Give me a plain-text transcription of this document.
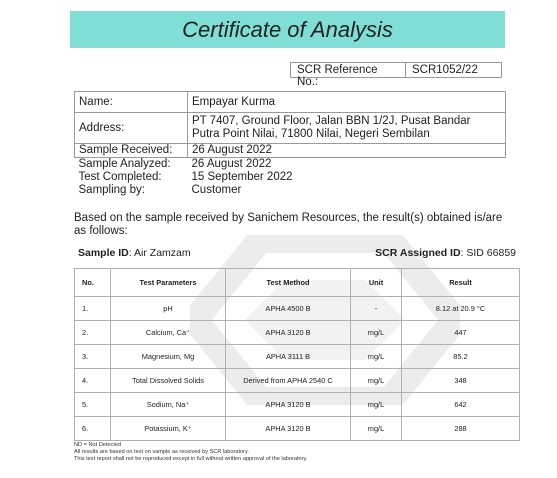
Certificate of Analysis
SCR Reference No.:
SCR1052/22
Name:	Empayar Kurma
Address:	PT 7407, Ground Floor, Jalan BBN 1/2J, Pusat Bandar Putra Point Nilai, 71800 Nilai, Negeri Sembilan
Sample Received:	26 August 2022
Sample Analyzed:	26 August 2022
Test Completed:	15 September 2022
Sampling by:	Customer
Based on the sample received by Sanichem Resources, the result(s) obtained is/are as follows:
Sample ID: Air Zamzam	SCR Assigned ID: SID 66859
No.	Test Parameters	Test Method	Unit	Result
1.	pH	APHA 4500 B	-	8.12 at 20.9 °C
2.	Calcium, Ca⁺	APHA 3120 B	mg/L	447
3.	Magnesium, Mg	APHA 3111 B	mg/L	85.2
4.	Total Dissolved Solids	Derived from APHA 2540 C	mg/L	348
5.	Sodium, Na⁺	APHA 3120 B	mg/L	642
6.	Potassium, K⁺	APHA 3120 B	mg/L	288
ND = Not Detected
All results are based on test on sample as received by SCR laboratory.
This test report shall not be reproduced except in full without written approval of the laboratory.
